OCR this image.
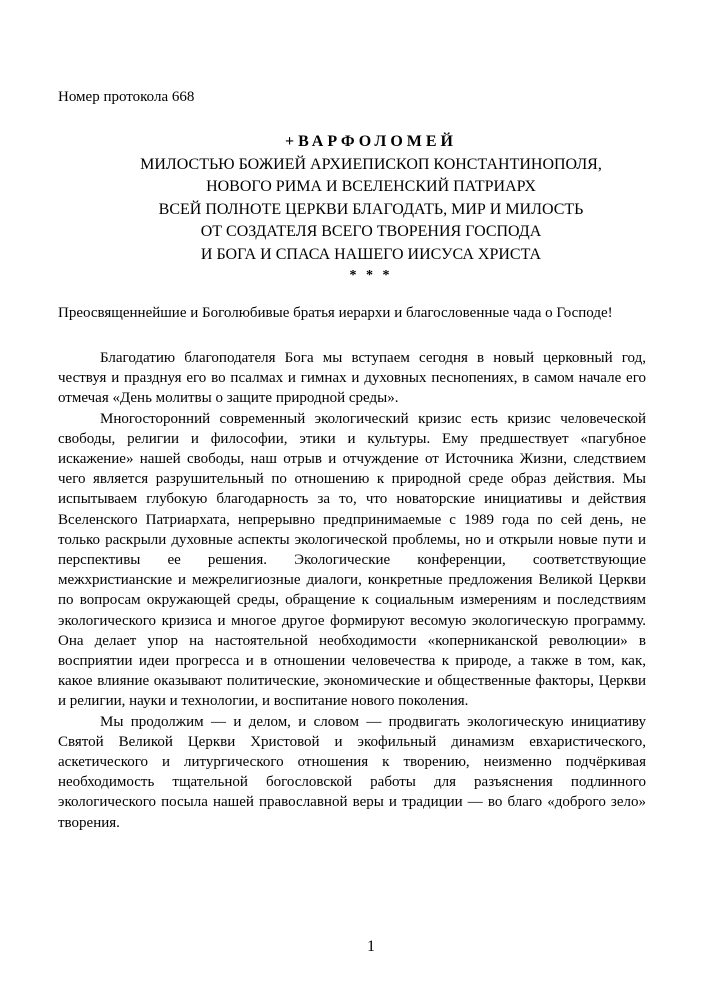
Номер протокола 668
+ВАРФОЛОМЕЙ
МИЛОСТЬЮ БОЖИЕЙ АРХИЕПИСКОП КОНСТАНТИНОПОЛЯ,
НОВОГО РИМА И ВСЕЛЕНСКИЙ ПАТРИАРХ
ВСЕЙ ПОЛНОТЕ ЦЕРКВИ БЛАГОДАТЬ, МИР И МИЛОСТЬ
ОТ СОЗДАТЕЛЯ ВСЕГО ТВОРЕНИЯ ГОСПОДА
И БОГА И СПАСА НАШЕГО ИИСУСА ХРИСТА
* * *
Преосвященнейшие и Боголюбивые братья иерархи и благословенные чада о Господе!

Благодатию благоподателя Бога мы вступаем сегодня в новый церковный год, чествуя и празднуя его во псалмах и гимнах и духовных песнопениях, в самом начале его отмечая «День молитвы о защите природной среды».

Многосторонний современный экологический кризис есть кризис человеческой свободы, религии и философии, этики и культуры. Ему предшествует «пагубное искажение» нашей свободы, наш отрыв и отчуждение от Источника Жизни, следствием чего является разрушительный по отношению к природной среде образ действия. Мы испытываем глубокую благодарность за то, что новаторские инициативы и действия Вселенского Патриархата, непрерывно предпринимаемые с 1989 года по сей день, не только раскрыли духовные аспекты экологической проблемы, но и открыли новые пути и перспективы ее решения. Экологические конференции, соответствующие межхристианские и межрелигиозные диалоги, конкретные предложения Великой Церкви по вопросам окружающей среды, обращение к социальным измерениям и последствиям экологического кризиса и многое другое формируют весомую экологическую программу. Она делает упор на настоятельной необходимости «коперниканской революции» в восприятии идеи прогресса и в отношении человечества к природе, а также в том, как, какое влияние оказывают политические, экономические и общественные факторы, Церкви и религии, науки и технологии, и воспитание нового поколения.

Мы продолжим — и делом, и словом — продвигать экологическую инициативу Святой Великой Церкви Христовой и экофильный динамизм евхаристического, аскетического и литургического отношения к творению, неизменно подчёркивая необходимость тщательной богословской работы для разъяснения подлинного экологического посыла нашей православной веры и традиции — во благо «доброго зело» творения.

1
